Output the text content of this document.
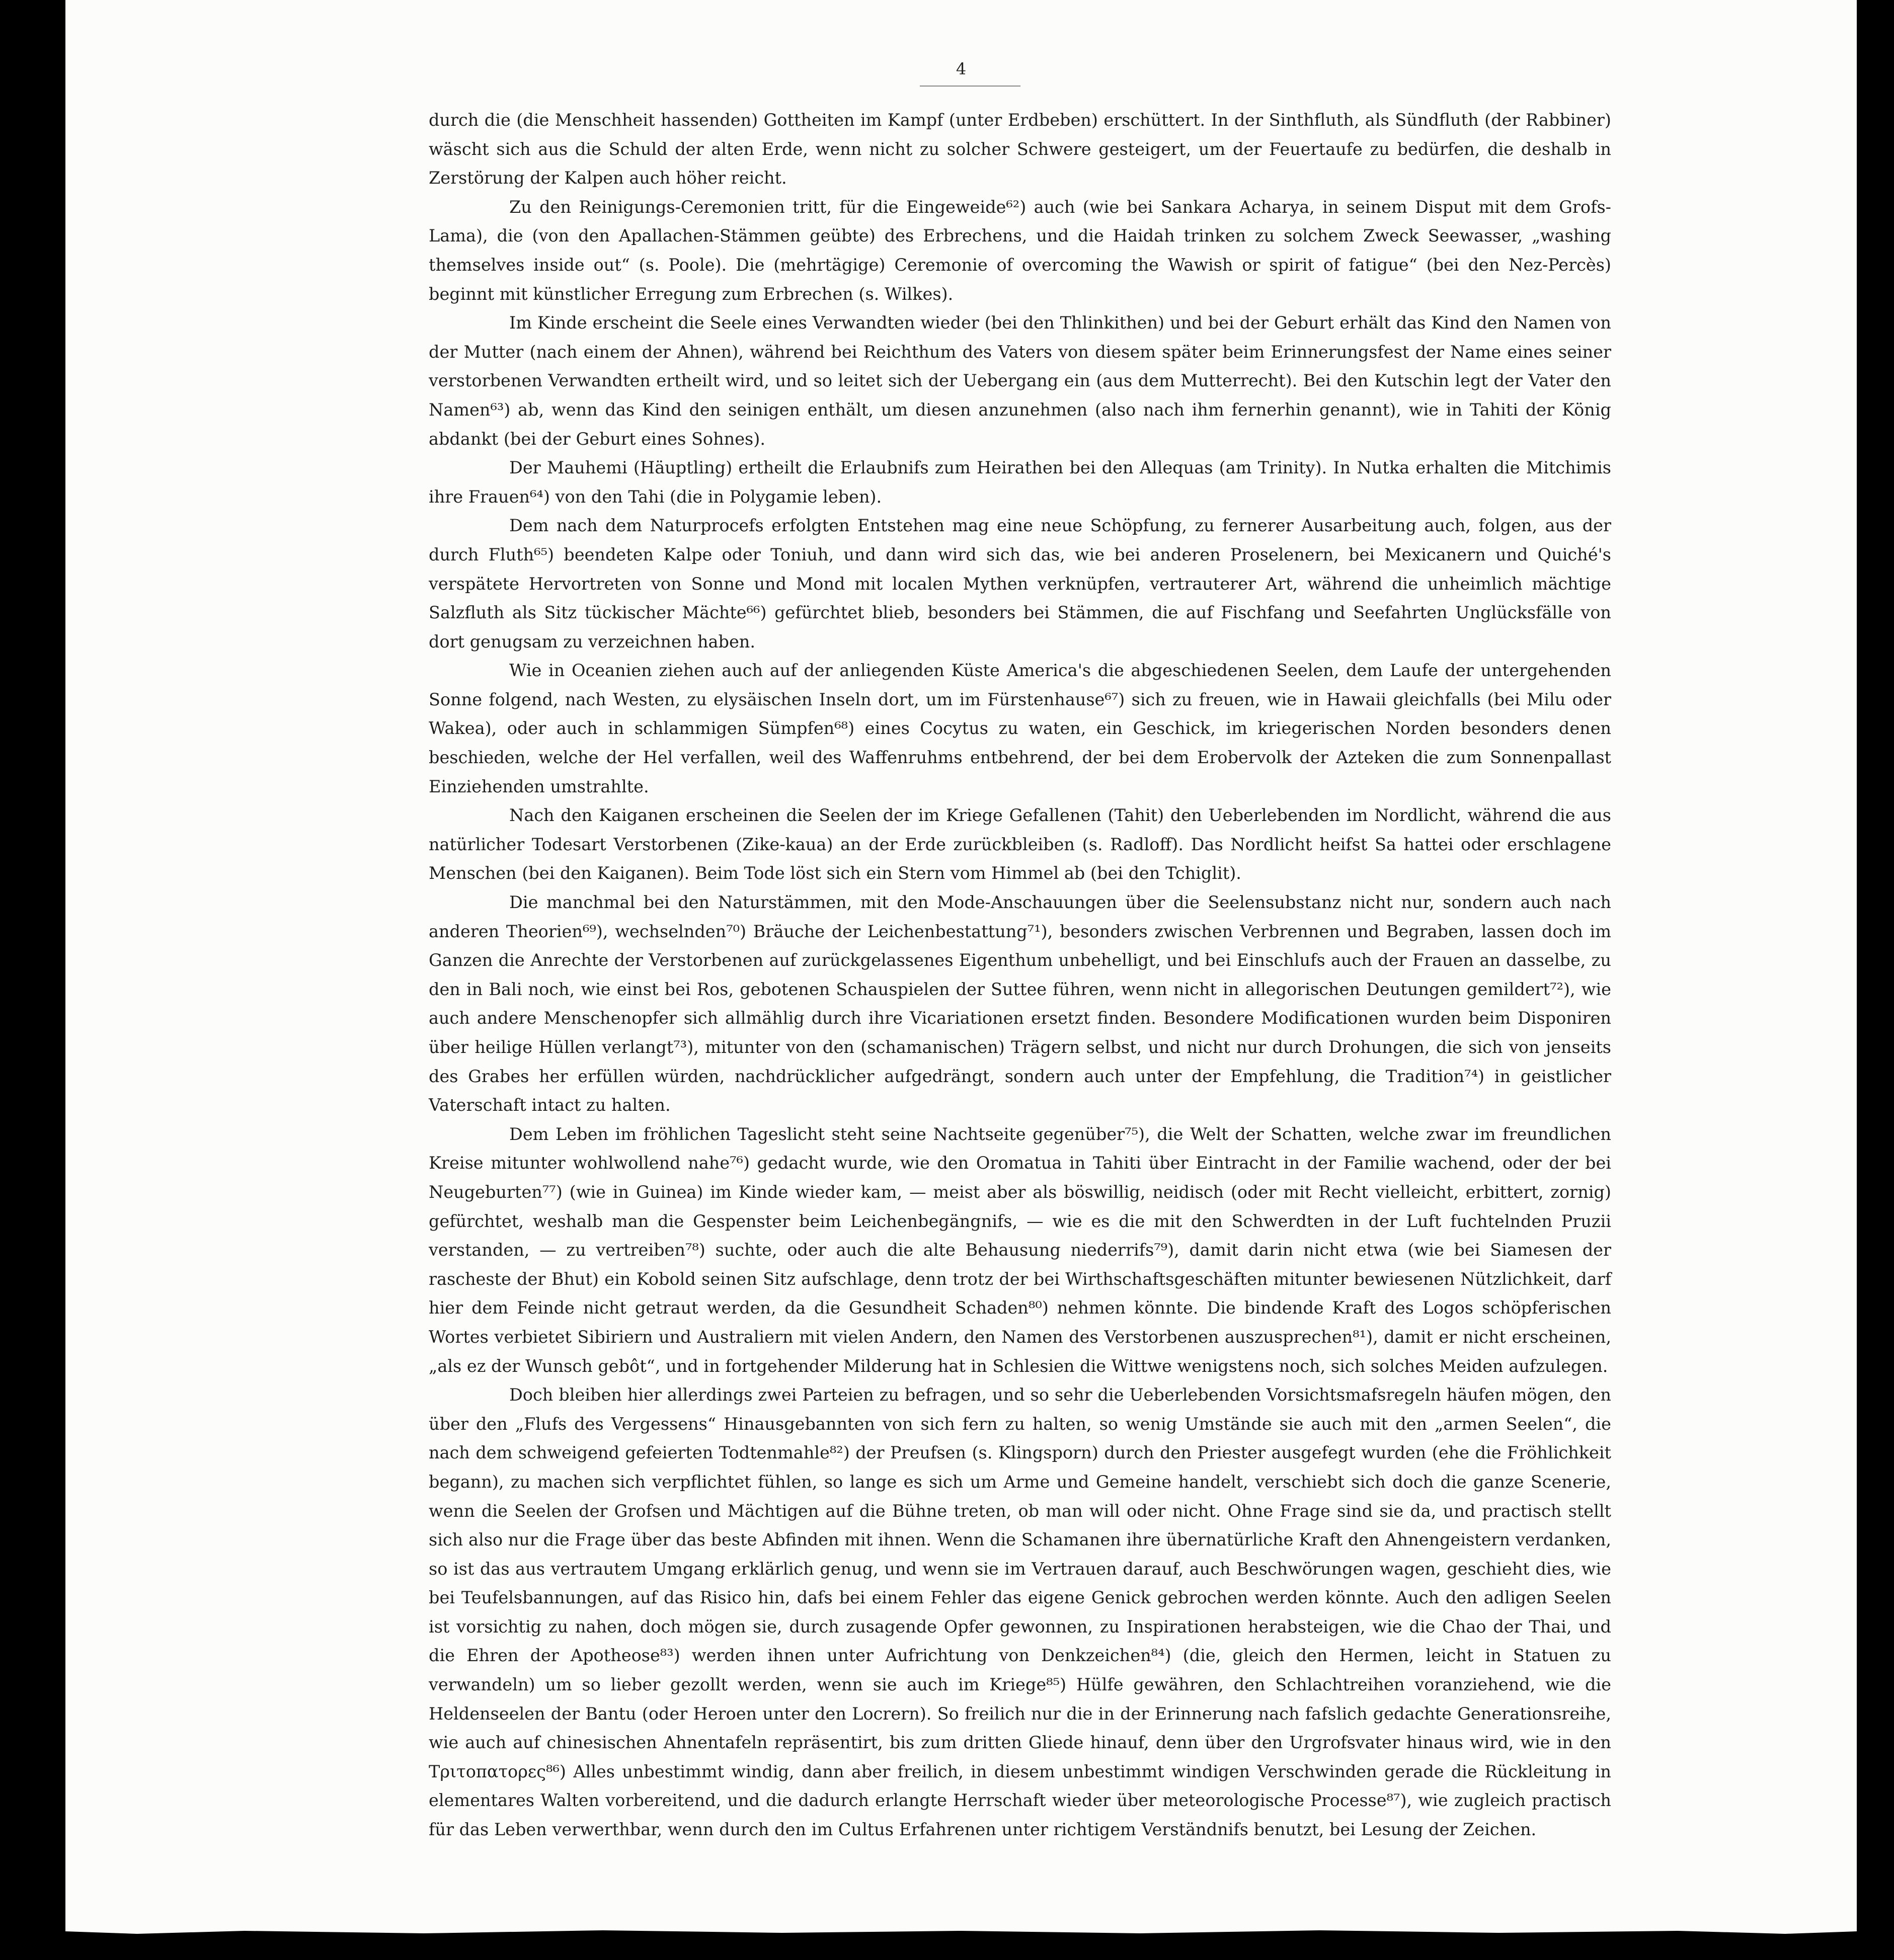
4

durch die (die Menschheit hassenden) Gottheiten im Kampf (unter Erdbeben) erschüttert. In der Sinthfluth, als Sündfluth (der Rabbiner) wäscht sich aus die Schuld der alten Erde, wenn nicht zu solcher Schwere gesteigert, um der Feuertaufe zu bedürfen, die deshalb in Zerstörung der Kalpen auch höher reicht.

Zu den Reinigungs-Ceremonien tritt, für die Eingeweide⁶²) auch (wie bei Sankara Acharya, in seinem Disput mit dem Grofs-Lama), die (von den Apallachen-Stämmen geübte) des Erbrechens, und die Haidah trinken zu solchem Zweck Seewasser, „washing themselves inside out“ (s. Poole). Die (mehrtägige) Ceremonie of overcoming the Wawish or spirit of fatigue“ (bei den Nez-Percès) beginnt mit künstlicher Erregung zum Erbrechen (s. Wilkes).

Im Kinde erscheint die Seele eines Verwandten wieder (bei den Thlinkithen) und bei der Geburt erhält das Kind den Namen von der Mutter (nach einem der Ahnen), während bei Reichthum des Vaters von diesem später beim Erinnerungsfest der Name eines seiner verstorbenen Verwandten ertheilt wird, und so leitet sich der Uebergang ein (aus dem Mutterrecht). Bei den Kutschin legt der Vater den Namen⁶³) ab, wenn das Kind den seinigen enthält, um diesen anzunehmen (also nach ihm fernerhin genannt), wie in Tahiti der König abdankt (bei der Geburt eines Sohnes).

Der Mauhemi (Häuptling) ertheilt die Erlaubnifs zum Heirathen bei den Allequas (am Trinity). In Nutka erhalten die Mitchimis ihre Frauen⁶⁴) von den Tahi (die in Polygamie leben).

Dem nach dem Naturprocefs erfolgten Entstehen mag eine neue Schöpfung, zu fernerer Ausarbeitung auch, folgen, aus der durch Fluth⁶⁵) beendeten Kalpe oder Toniuh, und dann wird sich das, wie bei anderen Proselenern, bei Mexicanern und Quiché's verspätete Hervortreten von Sonne und Mond mit localen Mythen verknüpfen, vertrauterer Art, während die unheimlich mächtige Salzfluth als Sitz tückischer Mächte⁶⁶) gefürchtet blieb, besonders bei Stämmen, die auf Fischfang und Seefahrten Unglücksfälle von dort genugsam zu verzeichnen haben.

Wie in Oceanien ziehen auch auf der anliegenden Küste America's die abgeschiedenen Seelen, dem Laufe der untergehenden Sonne folgend, nach Westen, zu elysäischen Inseln dort, um im Fürstenhause⁶⁷) sich zu freuen, wie in Hawaii gleichfalls (bei Milu oder Wakea), oder auch in schlammigen Sümpfen⁶⁸) eines Cocytus zu waten, ein Geschick, im kriegerischen Norden besonders denen beschieden, welche der Hel verfallen, weil des Waffenruhms entbehrend, der bei dem Erobervolk der Azteken die zum Sonnenpallast Einziehenden umstrahlte.

Nach den Kaiganen erscheinen die Seelen der im Kriege Gefallenen (Tahit) den Ueberlebenden im Nordlicht, während die aus natürlicher Todesart Verstorbenen (Zike-kaua) an der Erde zurückbleiben (s. Radloff). Das Nordlicht heifst Sa hattei oder erschlagene Menschen (bei den Kaiganen). Beim Tode löst sich ein Stern vom Himmel ab (bei den Tchiglit).

Die manchmal bei den Naturstämmen, mit den Mode-Anschauungen über die Seelensubstanz nicht nur, sondern auch nach anderen Theorien⁶⁹), wechselnden⁷⁰) Bräuche der Leichenbestattung⁷¹), besonders zwischen Verbrennen und Begraben, lassen doch im Ganzen die Anrechte der Verstorbenen auf zurückgelassenes Eigenthum unbehelligt, und bei Einschlufs auch der Frauen an dasselbe, zu den in Bali noch, wie einst bei Ros, gebotenen Schauspielen der Suttee führen, wenn nicht in allegorischen Deutungen gemildert⁷²), wie auch andere Menschenopfer sich allmählig durch ihre Vicariationen ersetzt finden. Besondere Modificationen wurden beim Disponiren über heilige Hüllen verlangt⁷³), mitunter von den (schamanischen) Trägern selbst, und nicht nur durch Drohungen, die sich von jenseits des Grabes her erfüllen würden, nachdrücklicher aufgedrängt, sondern auch unter der Empfehlung, die Tradition⁷⁴) in geistlicher Vaterschaft intact zu halten.

Dem Leben im fröhlichen Tageslicht steht seine Nachtseite gegenüber⁷⁵), die Welt der Schatten, welche zwar im freundlichen Kreise mitunter wohlwollend nahe⁷⁶) gedacht wurde, wie den Oromatua in Tahiti über Eintracht in der Familie wachend, oder der bei Neugeburten⁷⁷) (wie in Guinea) im Kinde wieder kam, — meist aber als böswillig, neidisch (oder mit Recht vielleicht, erbittert, zornig) gefürchtet, weshalb man die Gespenster beim Leichenbegängnifs, — wie es die mit den Schwerdten in der Luft fuchtelnden Pruzii verstanden, — zu vertreiben⁷⁸) suchte, oder auch die alte Behausung niederrifs⁷⁹), damit darin nicht etwa (wie bei Siamesen der rascheste der Bhut) ein Kobold seinen Sitz aufschlage, denn trotz der bei Wirthschaftsgeschäften mitunter bewiesenen Nützlichkeit, darf hier dem Feinde nicht getraut werden, da die Gesundheit Schaden⁸⁰) nehmen könnte. Die bindende Kraft des Logos schöpferischen Wortes verbietet Sibiriern und Australiern mit vielen Andern, den Namen des Verstorbenen auszusprechen⁸¹), damit er nicht erscheinen, „als ez der Wunsch gebôt“, und in fortgehender Milderung hat in Schlesien die Wittwe wenigstens noch, sich solches Meiden aufzulegen.

Doch bleiben hier allerdings zwei Parteien zu befragen, und so sehr die Ueberlebenden Vorsichtsmafsregeln häufen mögen, den über den „Flufs des Vergessens“ Hinausgebannten von sich fern zu halten, so wenig Umstände sie auch mit den „armen Seelen“, die nach dem schweigend gefeierten Todtenmahle⁸²) der Preufsen (s. Klingsporn) durch den Priester ausgefegt wurden (ehe die Fröhlichkeit begann), zu machen sich verpflichtet fühlen, so lange es sich um Arme und Gemeine handelt, verschiebt sich doch die ganze Scenerie, wenn die Seelen der Grofsen und Mächtigen auf die Bühne treten, ob man will oder nicht. Ohne Frage sind sie da, und practisch stellt sich also nur die Frage über das beste Abfinden mit ihnen. Wenn die Schamanen ihre übernatürliche Kraft den Ahnengeistern verdanken, so ist das aus vertrautem Umgang erklärlich genug, und wenn sie im Vertrauen darauf, auch Beschwörungen wagen, geschieht dies, wie bei Teufelsbannungen, auf das Risico hin, dafs bei einem Fehler das eigene Genick gebrochen werden könnte. Auch den adligen Seelen ist vorsichtig zu nahen, doch mögen sie, durch zusagende Opfer gewonnen, zu Inspirationen herabsteigen, wie die Chao der Thai, und die Ehren der Apotheose⁸³) werden ihnen unter Aufrichtung von Denkzeichen⁸⁴) (die, gleich den Hermen, leicht in Statuen zu verwandeln) um so lieber gezollt werden, wenn sie auch im Kriege⁸⁵) Hülfe gewähren, den Schlachtreihen voranziehend, wie die Heldenseelen der Bantu (oder Heroen unter den Locrern). So freilich nur die in der Erinnerung nach fafslich gedachte Generationsreihe, wie auch auf chinesischen Ahnentafeln repräsentirt, bis zum dritten Gliede hinauf, denn über den Urgrofsvater hinaus wird, wie in den Τριτοπατορες⁸⁶) Alles unbestimmt windig, dann aber freilich, in diesem unbestimmt windigen Verschwinden gerade die Rückleitung in elementares Walten vorbereitend, und die dadurch erlangte Herrschaft wieder über meteorologische Processe⁸⁷), wie zugleich practisch für das Leben verwerthbar, wenn durch den im Cultus Erfahrenen unter richtigem Verständnifs benutzt, bei Lesung der Zeichen.
